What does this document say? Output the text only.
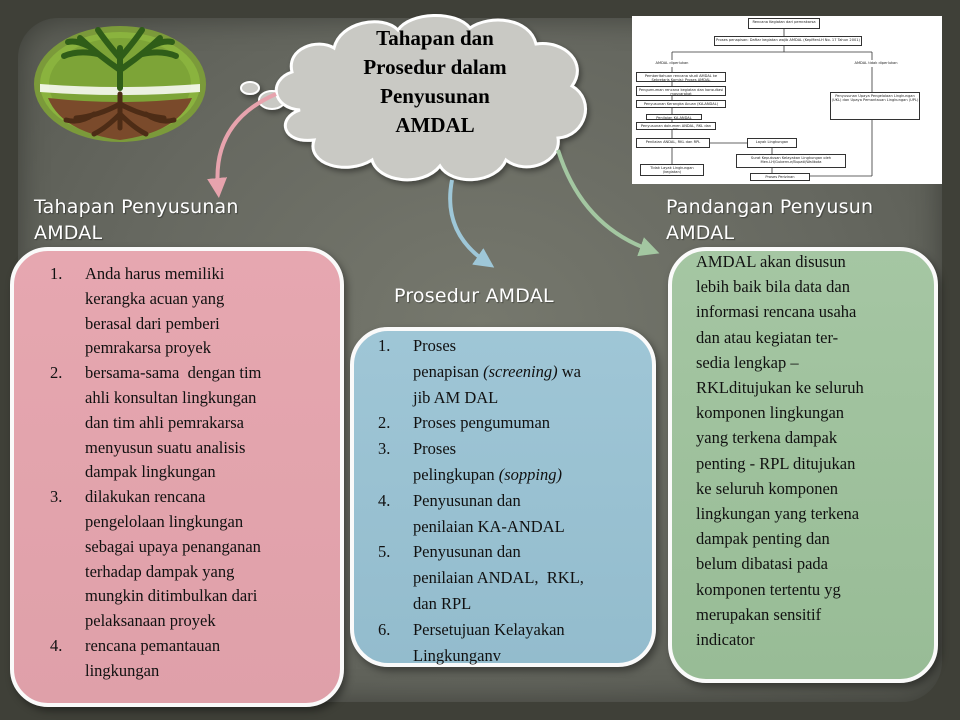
Tahapan dan
Prosedur dalam
Penyusunan
AMDAL
Rencana Kegiatan dari pemrakarsa
Proses penapisan: Daftar kegiatan wajib AMDAL (KepMenLH No. 17 Tahun 2001)
AMDAL diperlukan	AMDAL tidak diperlukan
Pemberitahuan rencana studi AMDAL ke Sekretaris Komisi; Proses AMDAL
Pengumuman rencana kegiatan dan konsultasi masyarakat
Penyusunan Kerangka Acuan (KA-ANDAL)
Penilaian KA-ANDAL
Penyusunan dokumen ANDAL, RKL dan RPL
Penilaian ANDAL, RKL dan RPL
Tidak Layak Lingkungan (kegiatan)
Layak Lingkungan
Surat Keputusan Kelayakan Lingkungan oleh Men.LH/Gubernur/Bupati/Walikota
Proses Perizinan
Penyusunan Upaya Pengelolaan Lingkungan (UKL) dan Upaya Pemantauan Lingkungan (UPL)
Tahapan Penyusunan
AMDAL
Prosedur AMDAL
Pandangan Penyusun
AMDAL
1. Anda harus memiliki
kerangka acuan yang
berasal dari pemberi
pemrakarsa proyek
2. bersama-sama  dengan tim
ahli konsultan lingkungan
dan tim ahli pemrakarsa
menyusun suatu analisis
dampak lingkungan
3. dilakukan rencana
pengelolaan lingkungan
sebagai upaya penanganan
terhadap dampak yang
mungkin ditimbulkan dari
pelaksanaan proyek
4. rencana pemantauan
lingkungan
1. Proses
penapisan (screening) wa
jib AM DAL
2. Proses pengumuman
3. Proses
pelingkupan (sopping)
4. Penyusunan dan
penilaian KA-ANDAL
5. Penyusunan dan
penilaian ANDAL,  RKL,
dan RPL
6. Persetujuan Kelayakan
Lingkunganv
AMDAL akan disusun
lebih baik bila data dan
informasi rencana usaha
dan atau kegiatan ter-
sedia lengkap –
RKLditujukan ke seluruh
komponen lingkungan
yang terkena dampak
penting - RPL ditujukan
ke seluruh komponen
lingkungan yang terkena
dampak penting dan
belum dibatasi pada
komponen tertentu yg
merupakan sensitif
indicator
